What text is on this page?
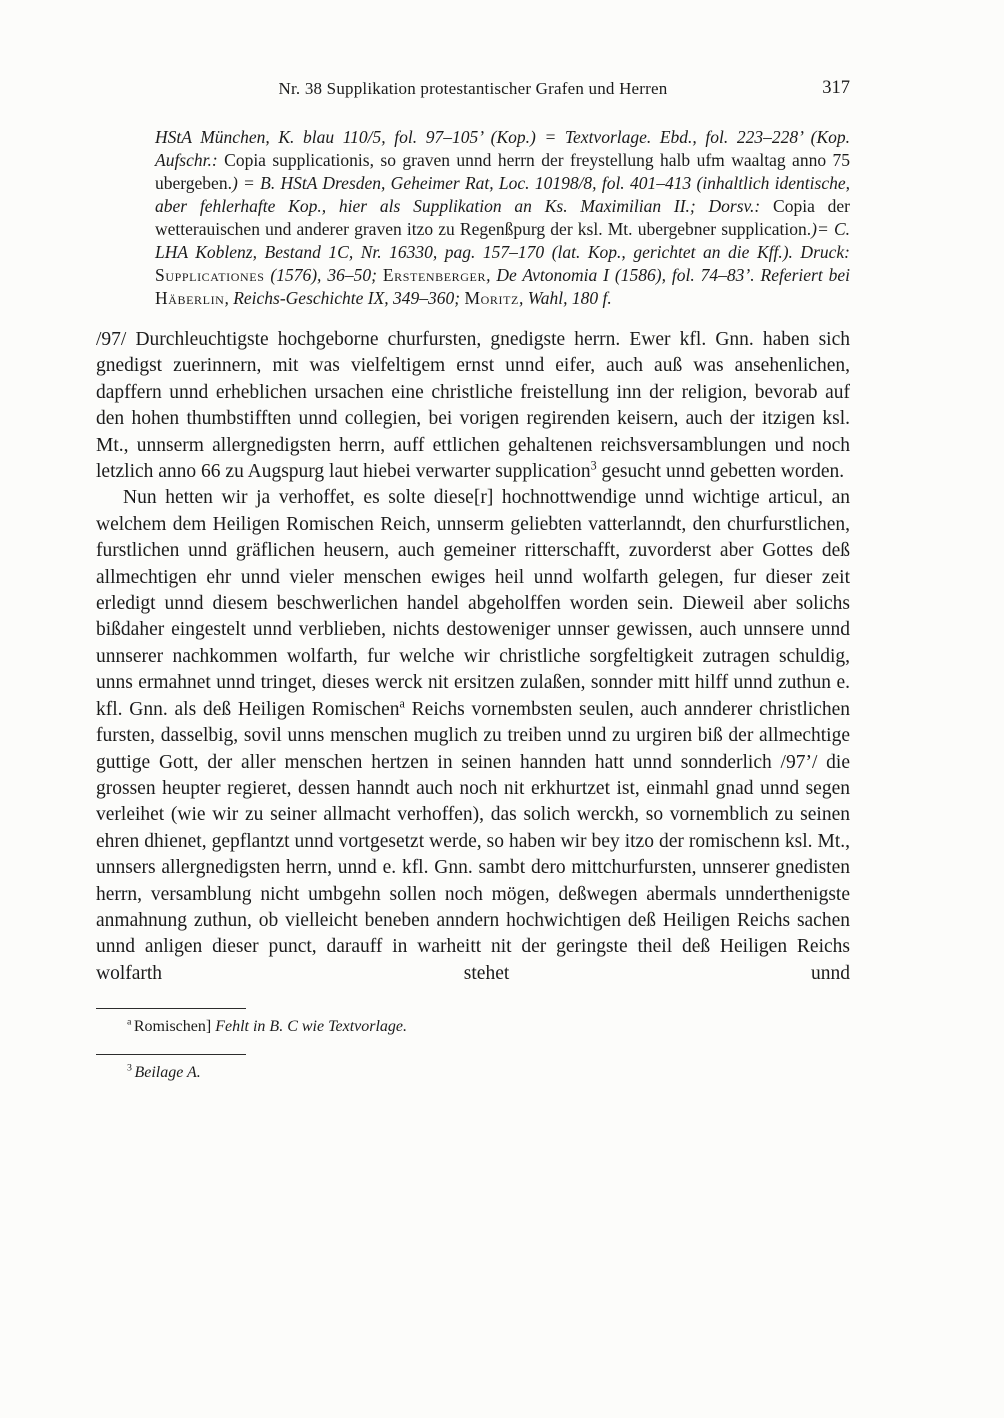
Nr. 38 Supplikation protestantischer Grafen und Herren	317

HStA München, K. blau 110/5, fol. 97–105’ (Kop.) = Textvorlage. Ebd., fol. 223–228’ (Kop. Aufschr.: Copia supplicationis, so graven unnd herrn der freystellung halb ufm waaltag anno 75 ubergeben.) = B. HStA Dresden, Geheimer Rat, Loc. 10198/8, fol. 401–413 (inhaltlich identische, aber fehlerhafte Kop., hier als Supplikation an Ks. Maximilian II.; Dorsv.: Copia der wetterauischen und anderer graven itzo zu Regenßpurg der ksl. Mt. ubergebner supplication.)= C. LHA Koblenz, Bestand 1C, Nr. 16330, pag. 157–170 (lat. Kop., gerichtet an die Kff.). Druck: Supplicationes (1576), 36–50; Erstenberger, De Avtonomia I (1586), fol. 74–83’. Referiert bei Häberlin, Reichs-Geschichte IX, 349–360; Moritz, Wahl, 180 f.

/97/ Durchleuchtigste hochgeborne churfursten, gnedigste herrn. Ewer kfl. Gnn. haben sich gnedigst zuerinnern, mit was vielfeltigem ernst unnd eifer, auch auß was ansehenlichen, dapffern unnd erheblichen ursachen eine christliche freistellung inn der religion, bevorab auf den hohen thumbstifften unnd collegien, bei vorigen regirenden keisern, auch der itzigen ksl. Mt., unnserm allergnedigsten herrn, auff ettlichen gehaltenen reichsversamblungen und noch letzlich anno 66 zu Augspurg laut hiebei verwarter supplication$^3$ gesucht unnd gebetten worden.

Nun hetten wir ja verhoffet, es solte diese[r] hochnottwendige unnd wichtige articul, an welchem dem Heiligen Romischen Reich, unnserm geliebten vatterlanndt, den churfurstlichen, furstlichen unnd gräflichen heusern, auch gemeiner ritterschafft, zuvorderst aber Gottes deß allmechtigen ehr unnd vieler menschen ewiges heil unnd wolfarth gelegen, fur dieser zeit erledigt unnd diesem beschwerlichen handel abgeholffen worden sein. Dieweil aber solichs bißdaher eingestelt unnd verblieben, nichts destoweniger unnser gewissen, auch unnsere unnd unnserer nachkommen wolfarth, fur welche wir christliche sorgfeltigkeit zutragen schuldig, unns ermahnet unnd tringet, dieses werck nit ersitzen zulaßen, sonnder mitt hilff unnd zuthun e. kfl. Gnn. als deß Heiligen Romischen$^a$ Reichs vornembsten seulen, auch annderer christlichen fursten, dasselbig, sovil unns menschen muglich zu treiben unnd zu urgiren biß der allmechtige guttige Gott, der aller menschen hertzen in seinen hannden hatt unnd sonnderlich /97’/ die grossen heupter regieret, dessen hanndt auch noch nit erkhurtzet ist, einmahl gnad unnd segen verleihet (wie wir zu seiner allmacht verhoffen), das solich werckh, so vornemblich zu seinen ehren dhienet, gepflantzt unnd vortgesetzt werde, so haben wir bey itzo der romischenn ksl. Mt., unnsers allergnedigsten herrn, unnd e. kfl. Gnn. sambt dero mittchurfursten, unnserer gnedisten herrn, versamblung nicht umbgehn sollen noch mögen, deßwegen abermals unnderthenigste anmahnung zuthun, ob vielleicht beneben anndern hochwichtigen deß Heiligen Reichs sachen unnd anligen dieser punct, darauff in warheitt nit der geringste theil deß Heiligen Reichs wolfarth stehet unnd

$^a$ Romischen] Fehlt in B. C wie Textvorlage.

$^3$ Beilage A.
